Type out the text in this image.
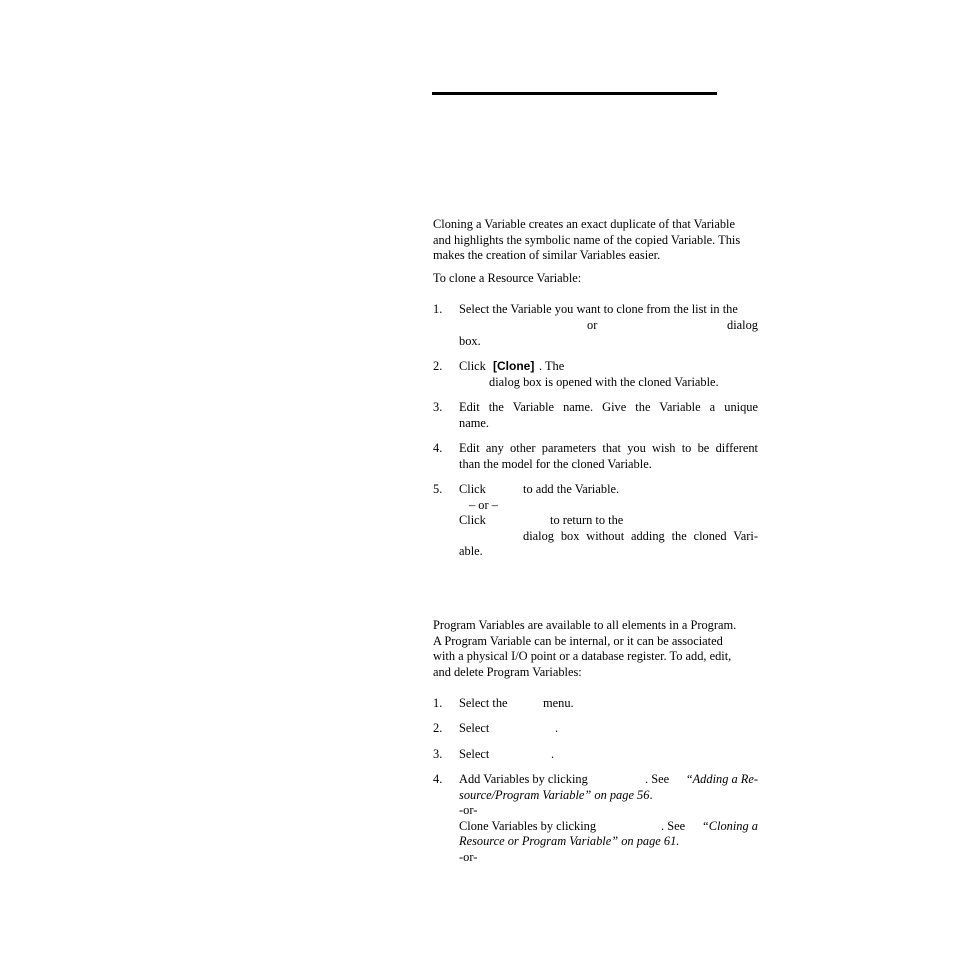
Cloning a Variable creates an exact duplicate of that Variable
and highlights the symbolic name of the copied Variable. This
makes the creation of similar Variables easier.

To clone a Resource Variable:

1. Select the Variable you want to clone from the list in the
or	dialog
box.
2. Click [Clone] . The
dialog box is opened with the cloned Variable.
3. Edit the Variable name. Give the Variable a unique
name.
4. Edit any other parameters that you wish to be different
than the model for the cloned Variable.
5. Click	to add the Variable.
– or –
Click	to return to the
dialog box without adding the cloned Vari-
able.

Program Variables are available to all elements in a Program.
A Program Variable can be internal, or it can be associated
with a physical I/O point or a database register. To add, edit,
and delete Program Variables:

1. Select the	menu.
2. Select	.
3. Select	.
4. Add Variables by clicking	. See “Adding a Re-
source/Program Variable” on page 56.
-or-
Clone Variables by clicking	. See “Cloning a
Resource or Program Variable” on page 61.
-or-
